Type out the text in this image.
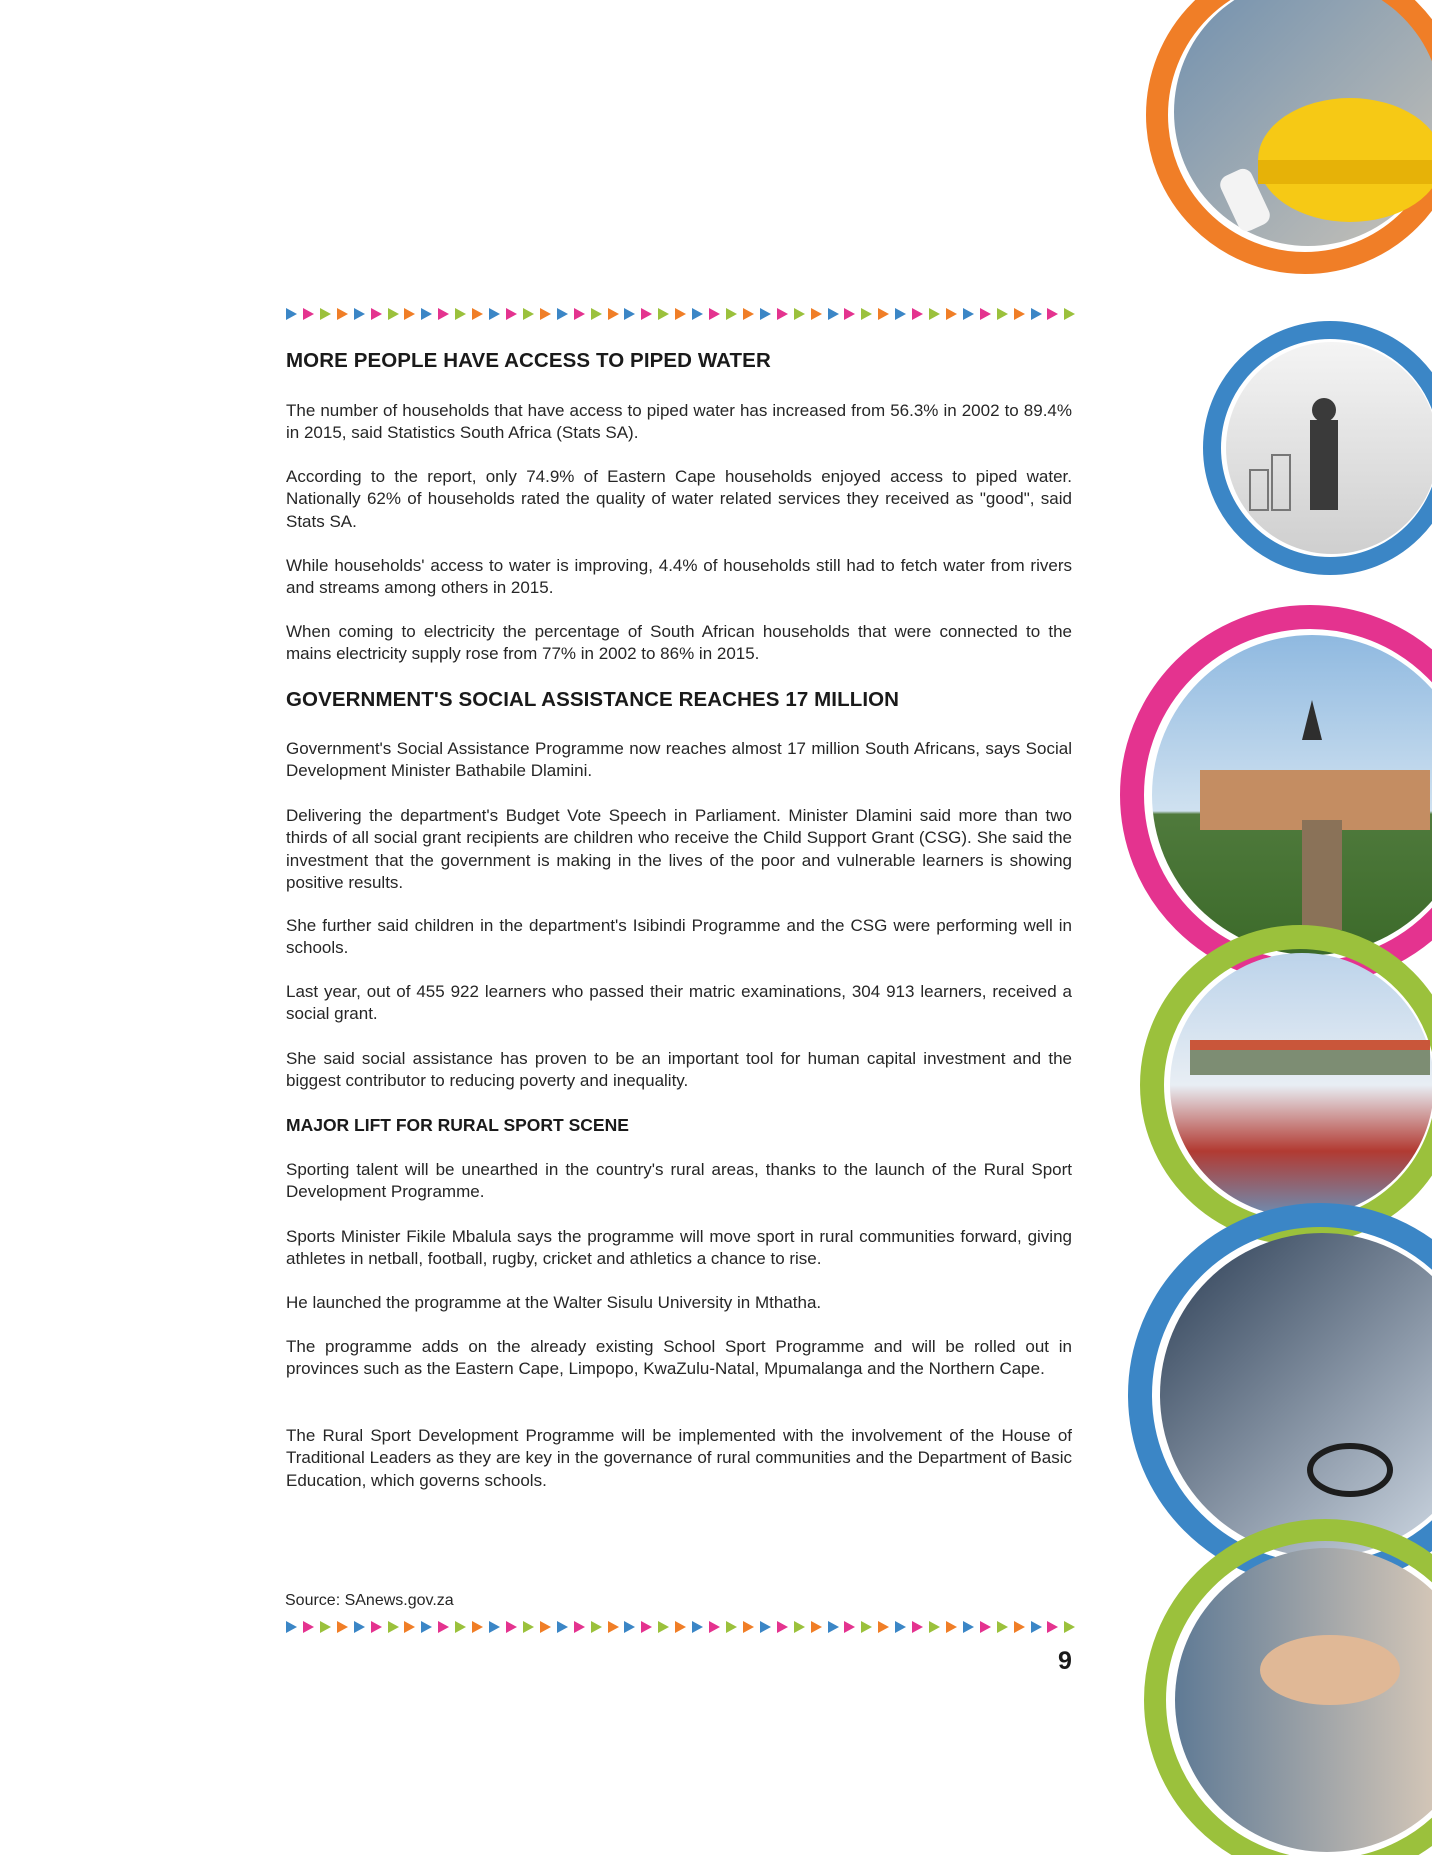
MORE PEOPLE HAVE ACCESS TO PIPED WATER

The number of households that have access to piped water has increased from 56.3% in 2002 to 89.4% in 2015, said Statistics South Africa (Stats SA).

According to the report, only 74.9% of Eastern Cape households enjoyed access to piped water. Nationally 62% of households rated the quality of water related services they received as "good", said Stats SA.

While households' access to water is improving, 4.4% of households still had to fetch water from rivers and streams among others in 2015.

When coming to electricity the percentage of South African households that were connected to the mains electricity supply rose from 77% in 2002 to 86% in 2015.

GOVERNMENT'S SOCIAL ASSISTANCE REACHES 17 MILLION

Government's Social Assistance Programme now reaches almost 17 million South Africans, says Social Development Minister Bathabile Dlamini.

Delivering the department's Budget Vote Speech in Parliament. Minister Dlamini said more than two thirds of all social grant recipients are children who receive the Child Support Grant (CSG). She said the investment that the government is making in the lives of the poor and vulnerable learners is showing positive results.

She further said children in the department's Isibindi Programme and the CSG were performing well in schools.

Last year, out of 455 922 learners who passed their matric examinations, 304 913 learners, received a social grant.

She said social assistance has proven to be an important tool for human capital investment and the biggest contributor to reducing poverty and inequality.

MAJOR LIFT FOR RURAL SPORT SCENE

Sporting talent will be unearthed in the country's rural areas, thanks to the launch of the Rural Sport Development Programme.

Sports Minister Fikile Mbalula says the programme will move sport in rural communities forward, giving athletes in netball, football, rugby, cricket and athletics a chance to rise.

He launched the programme at the Walter Sisulu University in Mthatha.

The programme adds on the already existing School Sport Programme and will be rolled out in provinces such as the Eastern Cape, Limpopo, KwaZulu-Natal, Mpumalanga and the Northern Cape.

The Rural Sport Development Programme will be implemented with the involvement of the House of Traditional Leaders as they are key in the governance of rural communities and the Department of Basic Education, which governs schools.

Source: SAnews.gov.za

9
